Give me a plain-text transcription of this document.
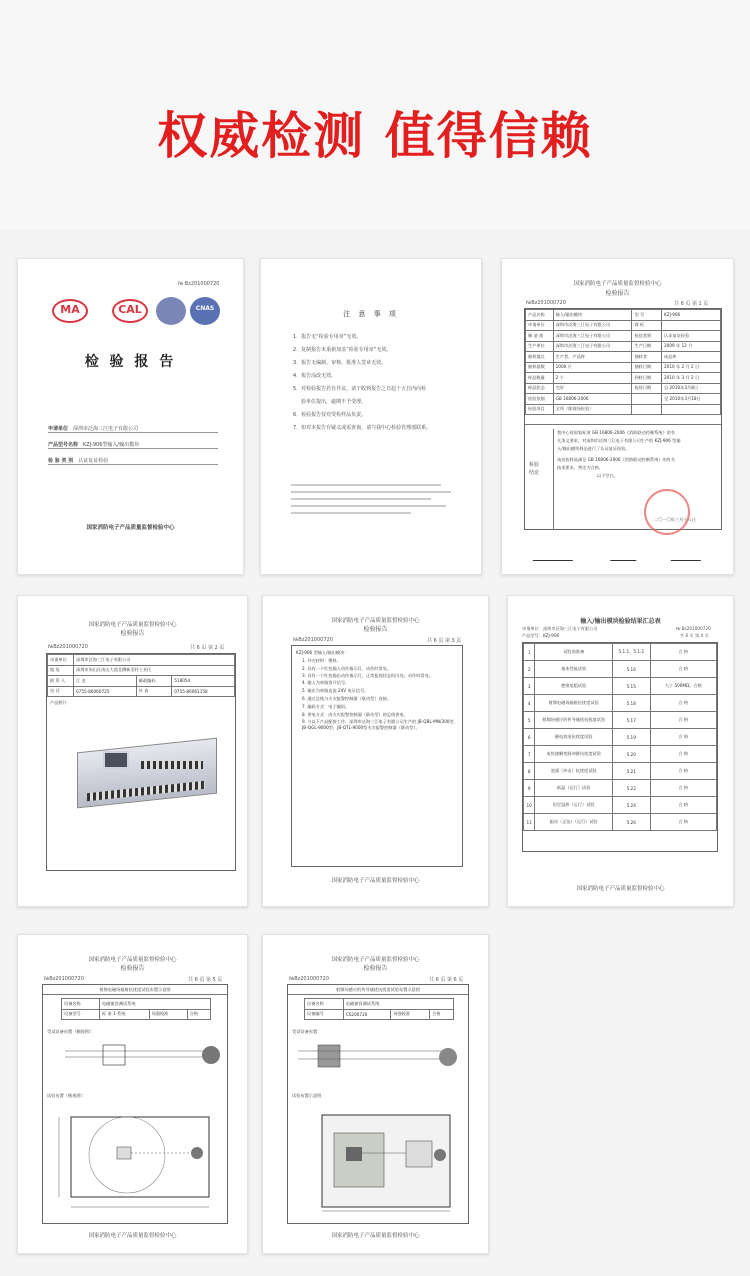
权威检测 值得信赖
№ Bz201000720
MA	CAL	CNAS
检 验 报 告
申请单位　 深圳市泛海三江电子有限公司
产品型号名称　 KZJ-906型输入/输出模块
检 验 类 别　 认证复证检验
国家消防电子产品质量监督检验中心
注 意 事 项
1．报告无“检验专用章”无效。
2．复制报告未重新加盖“检验专用章”无效。
3．报告无编制、审核、批准人签章无效。
4．报告涂改无效。
5．对检验报告若有异议，请于收到报告之日起十五日内向检
验单位提出，逾期不予受理。
6．检验报告仅对受检样品负责。
7．如对本报告有疑义或需查询，请与我中心检验管理部联系。
国家消防电子产品质量监督检验中心
检验报告
№Bz201000720	共 6 页 第 1 页
产品名称	输入/输出模块	型 号	KZJ-906
申请单位	深圳市泛海三江电子有限公司	商 标	
制 造 商	深圳市泛海三江电子有限公司	检验类别	认证复证检验
生产单位	深圳市泛海三江电子有限公司	生产日期	2009 年 12 月
抽样地点	生产者、产品库	抽样者	成品库
抽样基数	1000 只	抽样日期	2010 年 2 月 2 日
样品数量	2 个	到样日期	2010 年 3 月 2 日
样品状态	完好	检验日期	自 2010年3月8日
检验依据	GB 16806-2006		至 2010年3月18日
检验项目	全项（除现场检验）		
检验结论
我中心按国家标准 GB 16806-2006《消防联动控制系统》的有
关条文要求，对深圳市泛海三江电子有限公司生产的 KZJ-906 型输
入/输出模块样品进行了认证复证检验。
该送检样品满足 GB 16806-2006《消防联动控制系统》的有关
技术要求，判定为合格。
以下空白。
二〇一〇年三月十八日
国家消防电子产品质量监督检验中心
检验报告
№Bz201000720	共 6 页 第 2 页
申请单位	深圳市泛海三江电子有限公司		
地 址	深圳市南山区南山大道北侧新美村工业区		
联 系 人	江 龙	邮政编码	518054
电 话	0755-86060725	传 真	0755-86061158
产品照片
国家消防电子产品质量监督检验中心
检验报告
№Bz201000720	共 6 页 第 3 页
KZJ-906 型输入/输出模块：
1. 外壳材料：塑料。
2. 具有一个红色输入动作指示灯，动作时常亮。
3. 具有一个红色输出动作指示灯，正常监视状态时闪亮，动作时常亮。
4. 输入为单路常开信号。
5. 输出为单路直流 24V 电压信号。
6. 通过总线与火灾报警控制器（联动型）连接。
7. 编码方式：电子编码。
8. 供电方式：由火灾报警控制器（联动型）的总线供电。
9. 与以下产品配接工作：深圳市泛海三江电子有限公司生产的 JB-QBL-MN/300型、JB-QGL-9000型、JB-QTL-9000型火灾报警控制器（联动型）。
国家消防电子产品质量监督检验中心
输入/输出模块检验结果汇总表
申请单位：深圳市泛海三江电子有限公司	№ Bz201000720
产品型号：KZJ-906	共 6 页 第 4 页
1	试验前准备	5.1.1、5.1.2	合 格
2	基本性能试验	5.16	合 格
3	绝缘电阻试验	5.15	大于 500MΩ，合格
4	射频电磁场辐射抗扰度试验	5.18	合 格
5	射频场感应的传导骚扰抗扰度试验	5.17	合 格
6	静电放电抗扰度试验	5.19	合 格
7	电快速瞬变脉冲群抗扰度试验	5.20	合 格
8	浪涌（冲击）抗扰度试验	5.21	合 格
9	低温（运行）试验	5.22	合 格
10	恒定湿热（运行）试验	5.24	合 格
11	振动（正弦）（运行）试验	5.26	合 格
国家消防电子产品质量监督检验中心
国家消防电子产品质量监督检验中心
检验报告
№Bz201000720	共 6 页 第 5 页
射频电磁场辐射抗扰度试验布置示意图
设备名称	电磁兼容测试系统		
设备型号	标 准 1 系统	场强校准	合格
受试设备布置（侧视图）：
试验布置（俯视图）：
国家消防电子产品质量监督检验中心
国家消防电子产品质量监督检验中心
检验报告
№Bz201000720	共 6 页 第 6 页
射频场感应的传导骚扰抗扰度试验布置示意图
设备名称	电磁兼容测试系统		
设备编号	CS200720	场强校准	合格
受试设备布置：
试验布置示意图：
国家消防电子产品质量监督检验中心
